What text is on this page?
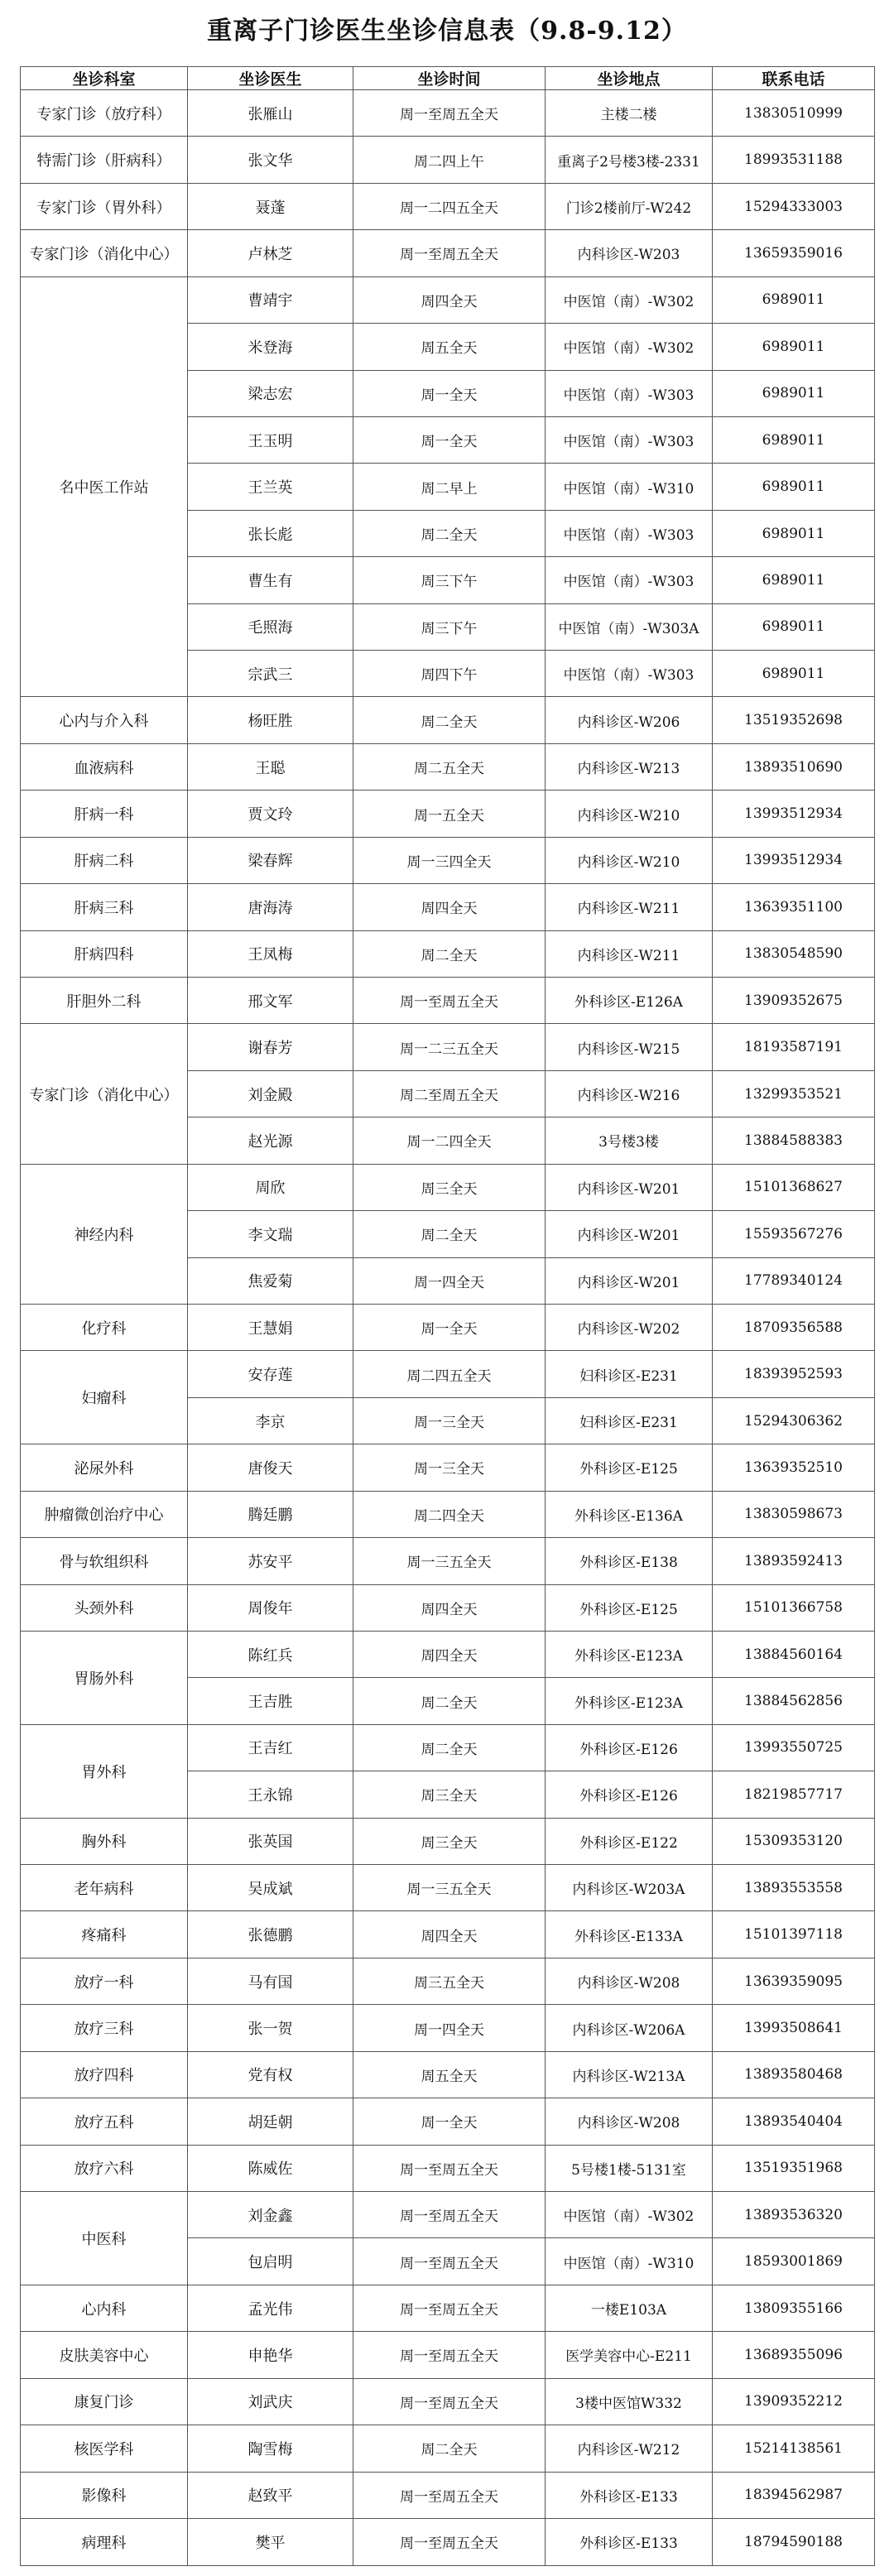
重离子门诊医生坐诊信息表（9.8-9.12）
坐诊科室	坐诊医生	坐诊时间	坐诊地点	联系电话
专家门诊（放疗科）	张雁山	周一至周五全天	主楼二楼	13830510999
特需门诊（肝病科）	张文华	周二四上午	重离子2号楼3楼-2331	18993531188
专家门诊（胃外科）	聂蓬	周一二四五全天	门诊2楼前厅-W242	15294333003
专家门诊（消化中心）	卢林芝	周一至周五全天	内科诊区-W203	13659359016
名中医工作站	曹靖宇	周四全天	中医馆（南）-W302	6989011
	米登海	周五全天	中医馆（南）-W302	6989011
	梁志宏	周一全天	中医馆（南）-W303	6989011
	王玉明	周一全天	中医馆（南）-W303	6989011
	王兰英	周二早上	中医馆（南）-W310	6989011
	张长彪	周二全天	中医馆（南）-W303	6989011
	曹生有	周三下午	中医馆（南）-W303	6989011
	毛照海	周三下午	中医馆（南）-W303A	6989011
	宗武三	周四下午	中医馆（南）-W303	6989011
心内与介入科	杨旺胜	周二全天	内科诊区-W206	13519352698
血液病科	王聪	周二五全天	内科诊区-W213	13893510690
肝病一科	贾文玲	周一五全天	内科诊区-W210	13993512934
肝病二科	梁春辉	周一三四全天	内科诊区-W210	13993512934
肝病三科	唐海涛	周四全天	内科诊区-W211	13639351100
肝病四科	王凤梅	周二全天	内科诊区-W211	13830548590
肝胆外二科	邢文军	周一至周五全天	外科诊区-E126A	13909352675
专家门诊（消化中心）	谢春芳	周一二三五全天	内科诊区-W215	18193587191
	刘金殿	周二至周五全天	内科诊区-W216	13299353521
	赵光源	周一二四全天	3号楼3楼	13884588383
神经内科	周欣	周三全天	内科诊区-W201	15101368627
	李文瑞	周二全天	内科诊区-W201	15593567276
	焦爱菊	周一四全天	内科诊区-W201	17789340124
化疗科	王慧娟	周一全天	内科诊区-W202	18709356588
妇瘤科	安存莲	周二四五全天	妇科诊区-E231	18393952593
	李京	周一三全天	妇科诊区-E231	15294306362
泌尿外科	唐俊天	周一三全天	外科诊区-E125	13639352510
肿瘤微创治疗中心	腾廷鹏	周二四全天	外科诊区-E136A	13830598673
骨与软组织科	苏安平	周一三五全天	外科诊区-E138	13893592413
头颈外科	周俊年	周四全天	外科诊区-E125	15101366758
胃肠外科	陈红兵	周四全天	外科诊区-E123A	13884560164
	王吉胜	周二全天	外科诊区-E123A	13884562856
胃外科	王吉红	周二全天	外科诊区-E126	13993550725
	王永锦	周三全天	外科诊区-E126	18219857717
胸外科	张英国	周三全天	外科诊区-E122	15309353120
老年病科	吴成斌	周一三五全天	内科诊区-W203A	13893553558
疼痛科	张德鹏	周四全天	外科诊区-E133A	15101397118
放疗一科	马有国	周三五全天	内科诊区-W208	13639359095
放疗三科	张一贺	周一四全天	内科诊区-W206A	13993508641
放疗四科	党有权	周五全天	内科诊区-W213A	13893580468
放疗五科	胡廷朝	周一全天	内科诊区-W208	13893540404
放疗六科	陈威佐	周一至周五全天	5号楼1楼-5131室	13519351968
中医科	刘金鑫	周一至周五全天	中医馆（南）-W302	13893536320
	包启明	周一至周五全天	中医馆（南）-W310	18593001869
心内科	孟光伟	周一至周五全天	一楼E103A	13809355166
皮肤美容中心	申艳华	周一至周五全天	医学美容中心-E211	13689355096
康复门诊	刘武庆	周一至周五全天	3楼中医馆W332	13909352212
核医学科	陶雪梅	周二全天	内科诊区-W212	15214138561
影像科	赵致平	周一至周五全天	外科诊区-E133	18394562987
病理科	樊平	周一至周五全天	外科诊区-E133	18794590188
